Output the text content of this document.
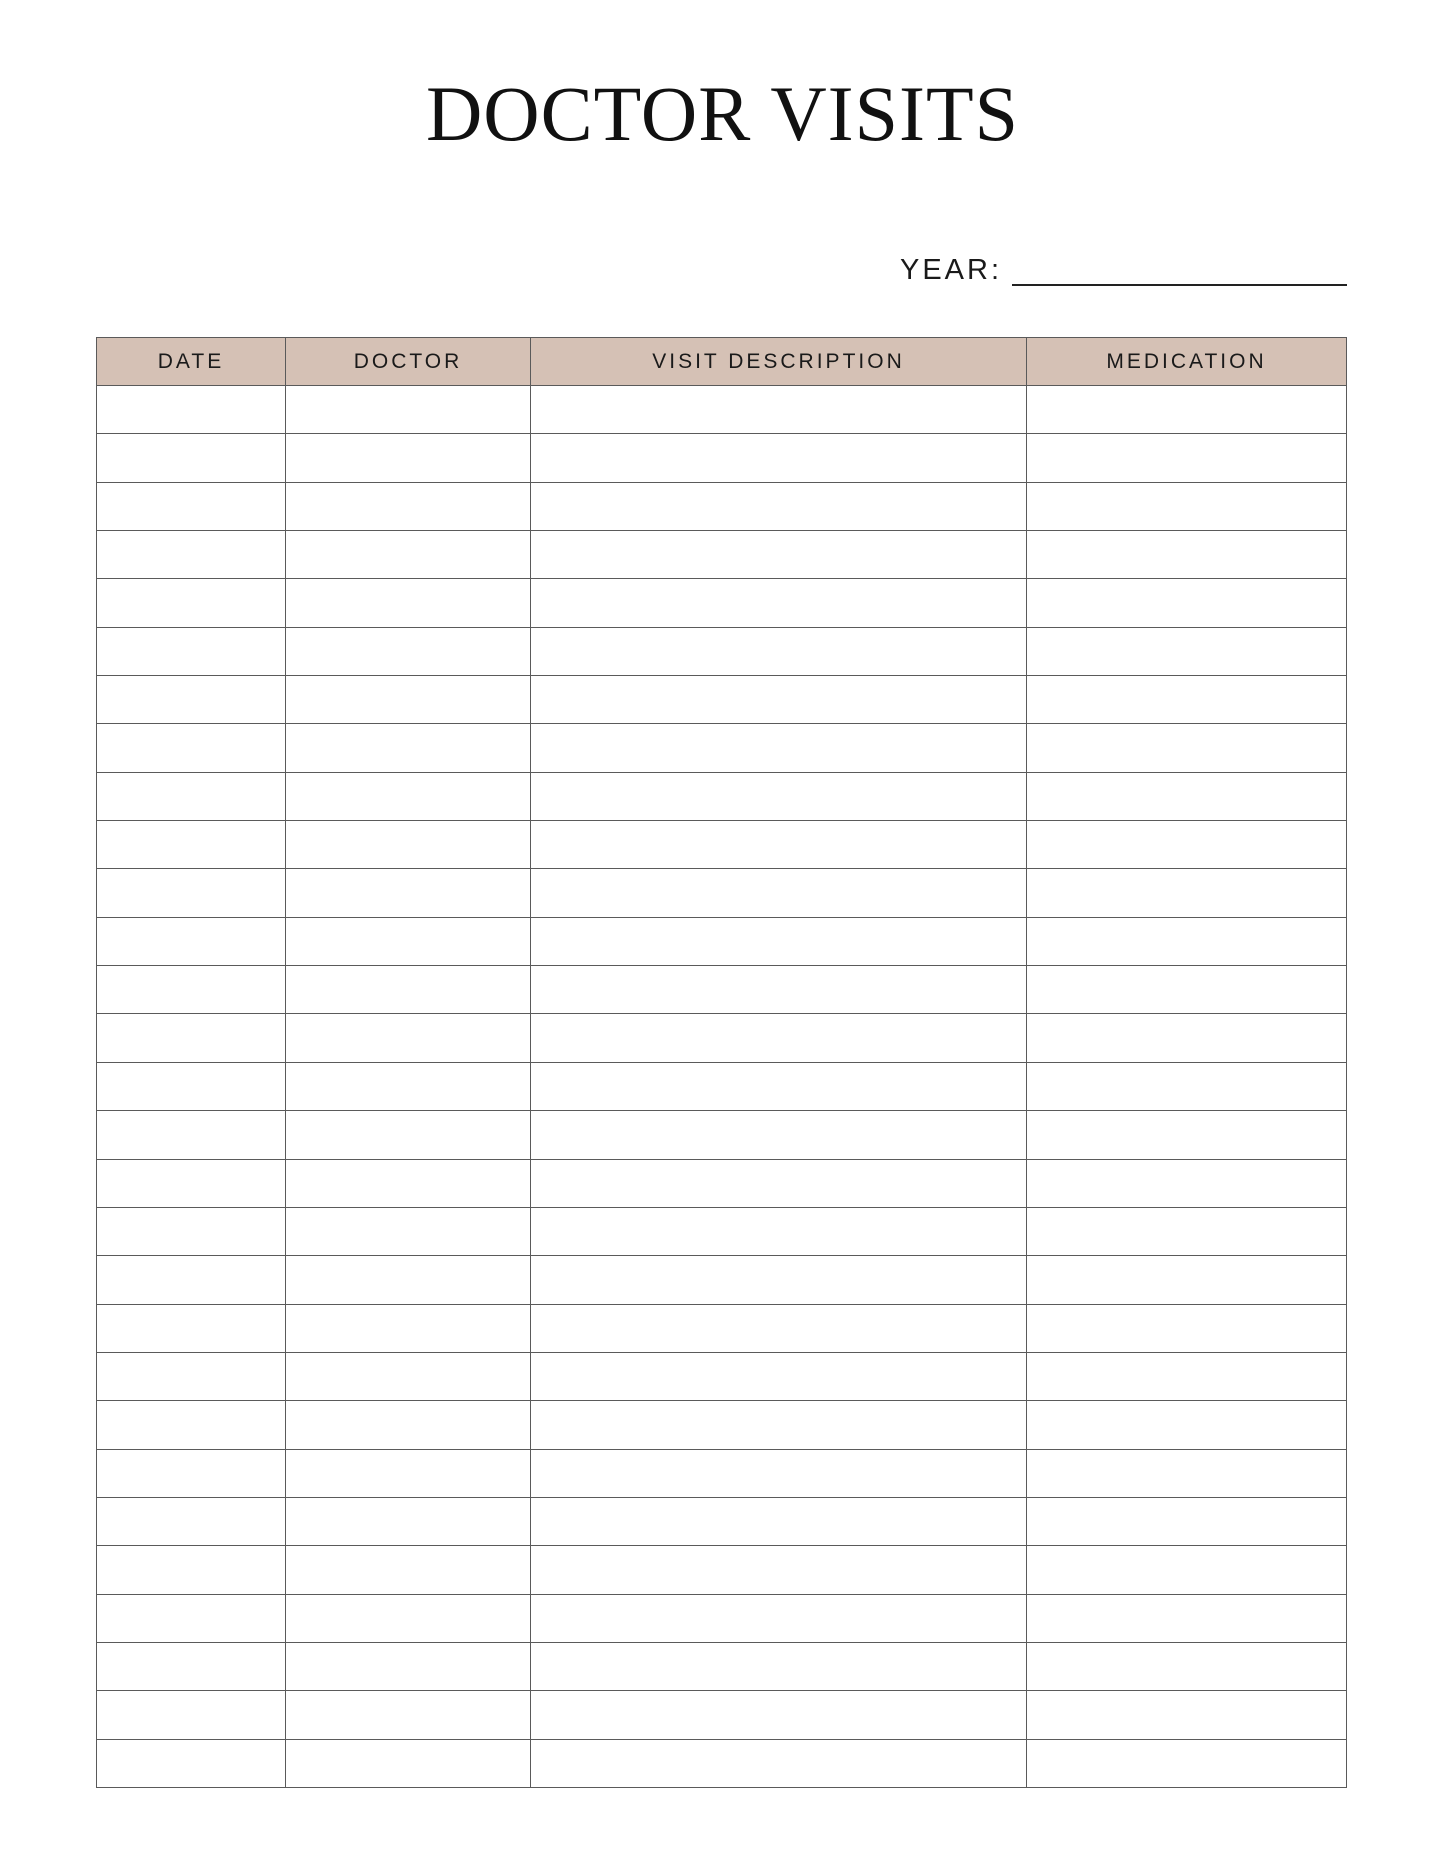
DOCTOR VISITS
YEAR:
DATE	DOCTOR	VISIT DESCRIPTION	MEDICATION
